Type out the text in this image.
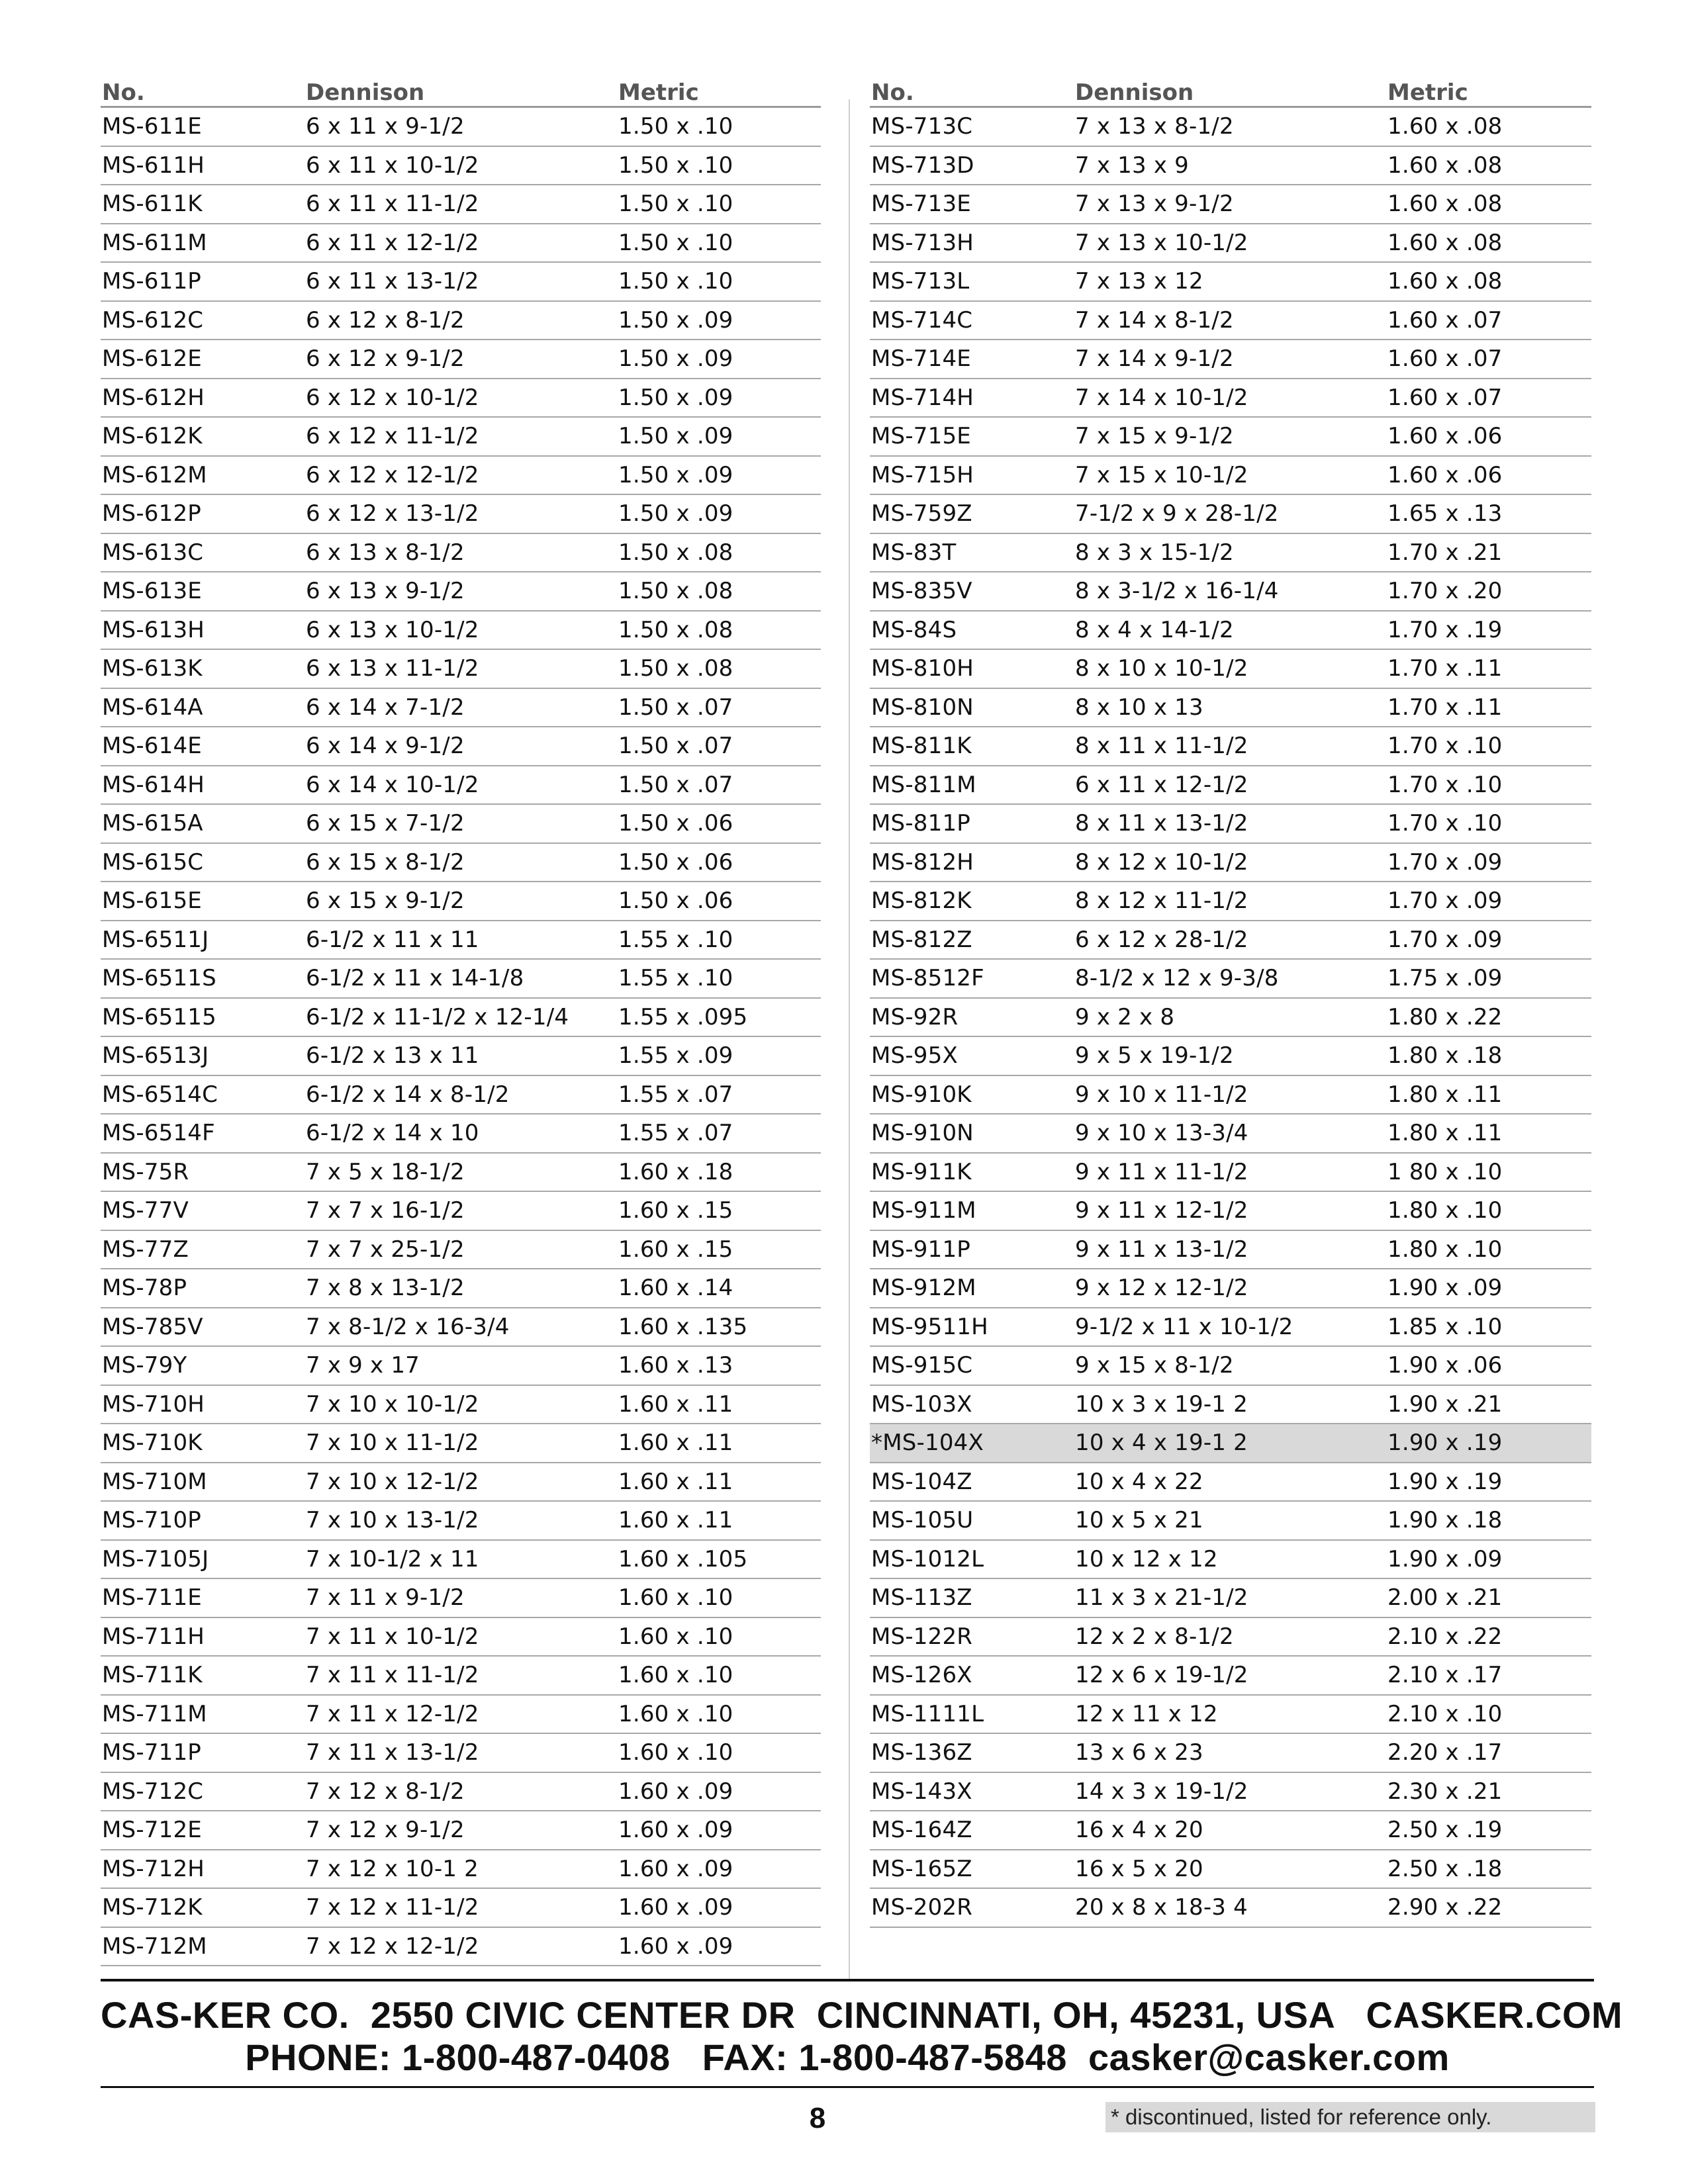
No.	Dennison	Metric
MS-611E	6 x 11 x 9-1/2	1.50 x .10
MS-611H	6 x 11 x 10-1/2	1.50 x .10
MS-611K	6 x 11 x 11-1/2	1.50 x .10
MS-611M	6 x 11 x 12-1/2	1.50 x .10
MS-611P	6 x 11 x 13-1/2	1.50 x .10
MS-612C	6 x 12 x 8-1/2	1.50 x .09
MS-612E	6 x 12 x 9-1/2	1.50 x .09
MS-612H	6 x 12 x 10-1/2	1.50 x .09
MS-612K	6 x 12 x 11-1/2	1.50 x .09
MS-612M	6 x 12 x 12-1/2	1.50 x .09
MS-612P	6 x 12 x 13-1/2	1.50 x .09
MS-613C	6 x 13 x 8-1/2	1.50 x .08
MS-613E	6 x 13 x 9-1/2	1.50 x .08
MS-613H	6 x 13 x 10-1/2	1.50 x .08
MS-613K	6 x 13 x 11-1/2	1.50 x .08
MS-614A	6 x 14 x 7-1/2	1.50 x .07
MS-614E	6 x 14 x 9-1/2	1.50 x .07
MS-614H	6 x 14 x 10-1/2	1.50 x .07
MS-615A	6 x 15 x 7-1/2	1.50 x .06
MS-615C	6 x 15 x 8-1/2	1.50 x .06
MS-615E	6 x 15 x 9-1/2	1.50 x .06
MS-6511J	6-1/2 x 11 x 11	1.55 x .10
MS-6511S	6-1/2 x 11 x 14-1/8	1.55 x .10
MS-65115	6-1/2 x 11-1/2 x 12-1/4	1.55 x .095
MS-6513J	6-1/2 x 13 x 11	1.55 x .09
MS-6514C	6-1/2 x 14 x 8-1/2	1.55 x .07
MS-6514F	6-1/2 x 14 x 10	1.55 x .07
MS-75R	7 x 5 x 18-1/2	1.60 x .18
MS-77V	7 x 7 x 16-1/2	1.60 x .15
MS-77Z	7 x 7 x 25-1/2	1.60 x .15
MS-78P	7 x 8 x 13-1/2	1.60 x .14
MS-785V	7 x 8-1/2 x 16-3/4	1.60 x .135
MS-79Y	7 x 9 x 17	1.60 x .13
MS-710H	7 x 10 x 10-1/2	1.60 x .11
MS-710K	7 x 10 x 11-1/2	1.60 x .11
MS-710M	7 x 10 x 12-1/2	1.60 x .11
MS-710P	7 x 10 x 13-1/2	1.60 x .11
MS-7105J	7 x 10-1/2 x 11	1.60 x .105
MS-711E	7 x 11 x 9-1/2	1.60 x .10
MS-711H	7 x 11 x 10-1/2	1.60 x .10
MS-711K	7 x 11 x 11-1/2	1.60 x .10
MS-711M	7 x 11 x 12-1/2	1.60 x .10
MS-711P	7 x 11 x 13-1/2	1.60 x .10
MS-712C	7 x 12 x 8-1/2	1.60 x .09
MS-712E	7 x 12 x 9-1/2	1.60 x .09
MS-712H	7 x 12 x 10-1 2	1.60 x .09
MS-712K	7 x 12 x 11-1/2	1.60 x .09
MS-712M	7 x 12 x 12-1/2	1.60 x .09
No.	Dennison	Metric
MS-713C	7 x 13 x 8-1/2	1.60 x .08
MS-713D	7 x 13 x 9	1.60 x .08
MS-713E	7 x 13 x 9-1/2	1.60 x .08
MS-713H	7 x 13 x 10-1/2	1.60 x .08
MS-713L	7 x 13 x 12	1.60 x .08
MS-714C	7 x 14 x 8-1/2	1.60 x .07
MS-714E	7 x 14 x 9-1/2	1.60 x .07
MS-714H	7 x 14 x 10-1/2	1.60 x .07
MS-715E	7 x 15 x 9-1/2	1.60 x .06
MS-715H	7 x 15 x 10-1/2	1.60 x .06
MS-759Z	7-1/2 x 9 x 28-1/2	1.65 x .13
MS-83T	8 x 3 x 15-1/2	1.70 x .21
MS-835V	8 x 3-1/2 x 16-1/4	1.70 x .20
MS-84S	8 x 4 x 14-1/2	1.70 x .19
MS-810H	8 x 10 x 10-1/2	1.70 x .11
MS-810N	8 x 10 x 13	1.70 x .11
MS-811K	8 x 11 x 11-1/2	1.70 x .10
MS-811M	6 x 11 x 12-1/2	1.70 x .10
MS-811P	8 x 11 x 13-1/2	1.70 x .10
MS-812H	8 x 12 x 10-1/2	1.70 x .09
MS-812K	8 x 12 x 11-1/2	1.70 x .09
MS-812Z	6 x 12 x 28-1/2	1.70 x .09
MS-8512F	8-1/2 x 12 x 9-3/8	1.75 x .09
MS-92R	9 x 2 x 8	1.80 x .22
MS-95X	9 x 5 x 19-1/2	1.80 x .18
MS-910K	9 x 10 x 11-1/2	1.80 x .11
MS-910N	9 x 10 x 13-3/4	1.80 x .11
MS-911K	9 x 11 x 11-1/2	1 80 x .10
MS-911M	9 x 11 x 12-1/2	1.80 x .10
MS-911P	9 x 11 x 13-1/2	1.80 x .10
MS-912M	9 x 12 x 12-1/2	1.90 x .09
MS-9511H	9-1/2 x 11 x 10-1/2	1.85 x .10
MS-915C	9 x 15 x 8-1/2	1.90 x .06
MS-103X	10 x 3 x 19-1 2	1.90 x .21
*MS-104X	10 x 4 x 19-1 2	1.90 x .19
MS-104Z	10 x 4 x 22	1.90 x .19
MS-105U	10 x 5 x 21	1.90 x .18
MS-1012L	10 x 12 x 12	1.90 x .09
MS-113Z	11 x 3 x 21-1/2	2.00 x .21
MS-122R	12 x 2 x 8-1/2	2.10 x .22
MS-126X	12 x 6 x 19-1/2	2.10 x .17
MS-1111L	12 x 11 x 12	2.10 x .10
MS-136Z	13 x 6 x 23	2.20 x .17
MS-143X	14 x 3 x 19-1/2	2.30 x .21
MS-164Z	16 x 4 x 20	2.50 x .19
MS-165Z	16 x 5 x 20	2.50 x .18
MS-202R	20 x 8 x 18-3 4	2.90 x .22
CAS-KER CO.  2550 CIVIC CENTER DR  CINCINNATI, OH, 45231, USA   CASKER.COM
PHONE: 1-800-487-0408   FAX: 1-800-487-5848  casker@casker.com
8	* discontinued, listed for reference only.
